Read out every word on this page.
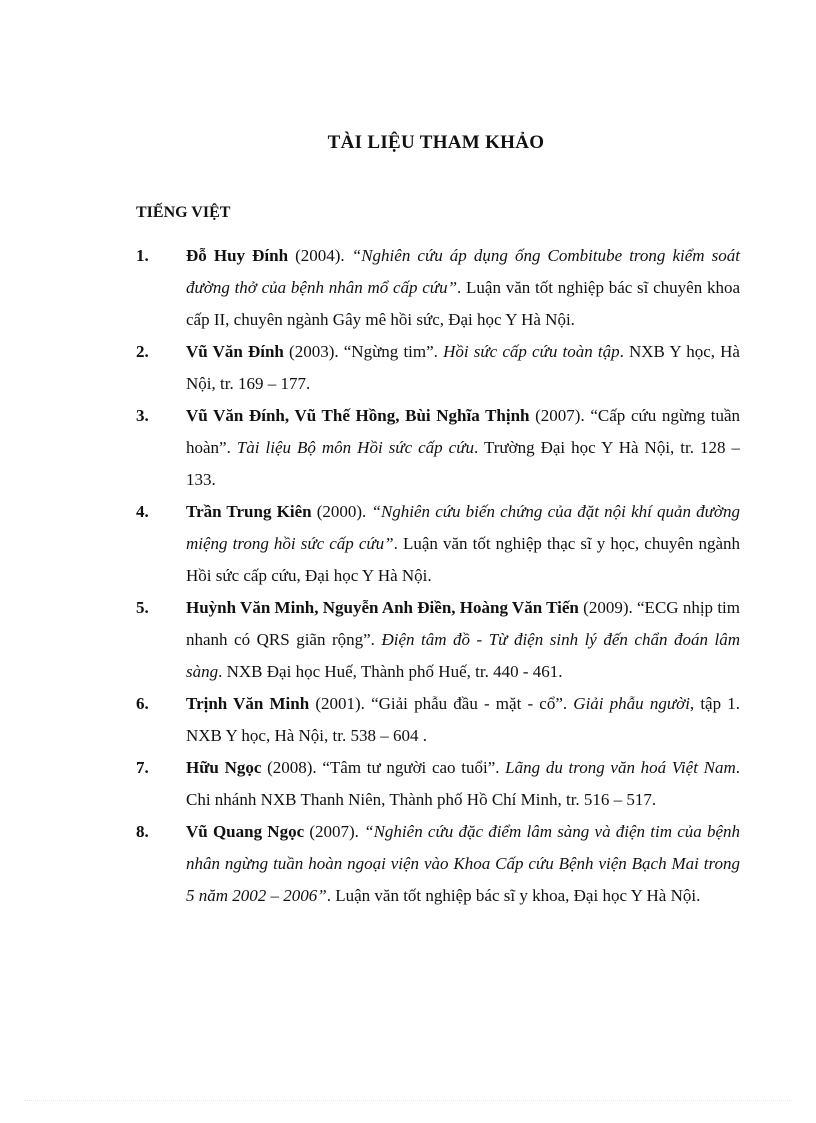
TÀI LIỆU THAM KHẢO
TIẾNG VIỆT
1. Đỗ Huy Đính (2004). “Nghiên cứu áp dụng ống Combitube trong kiểm soát đường thở của bệnh nhân mổ cấp cứu”. Luận văn tốt nghiệp bác sĩ chuyên khoa cấp II, chuyên ngành Gây mê hồi sức, Đại học Y Hà Nội.
2. Vũ Văn Đính (2003). “Ngừng tim”. Hồi sức cấp cứu toàn tập. NXB Y học, Hà Nội, tr. 169 – 177.
3. Vũ Văn Đính, Vũ Thế Hồng, Bùi Nghĩa Thịnh (2007). “Cấp cứu ngừng tuần hoàn”. Tài liệu Bộ môn Hồi sức cấp cứu. Trường Đại học Y Hà Nội, tr. 128 – 133.
4. Trần Trung Kiên (2000). “Nghiên cứu biến chứng của đặt nội khí quản đường miệng trong hồi sức cấp cứu”. Luận văn tốt nghiệp thạc sĩ y học, chuyên ngành Hồi sức cấp cứu, Đại học Y Hà Nội.
5. Huỳnh Văn Minh, Nguyễn Anh Điền, Hoàng Văn Tiến (2009). “ECG nhịp tim nhanh có QRS giãn rộng”. Điện tâm đồ - Từ điện sinh lý đến chẩn đoán lâm sàng. NXB Đại học Huế, Thành phố Huế, tr. 440 - 461.
6. Trịnh Văn Minh (2001). “Giải phẫu đầu - mặt - cổ”. Giải phẫu người, tập 1. NXB Y học, Hà Nội, tr. 538 – 604 .
7. Hữu Ngọc (2008). “Tâm tư người cao tuổi”. Lãng du trong văn hoá Việt Nam. Chi nhánh NXB Thanh Niên, Thành phố Hồ Chí Minh, tr. 516 – 517.
8. Vũ Quang Ngọc (2007). “Nghiên cứu đặc điểm lâm sàng và điện tim của bệnh nhân ngừng tuần hoàn ngoại viện vào Khoa Cấp cứu Bệnh viện Bạch Mai trong 5 năm 2002 – 2006”. Luận văn tốt nghiệp bác sĩ y khoa, Đại học Y Hà Nội.
